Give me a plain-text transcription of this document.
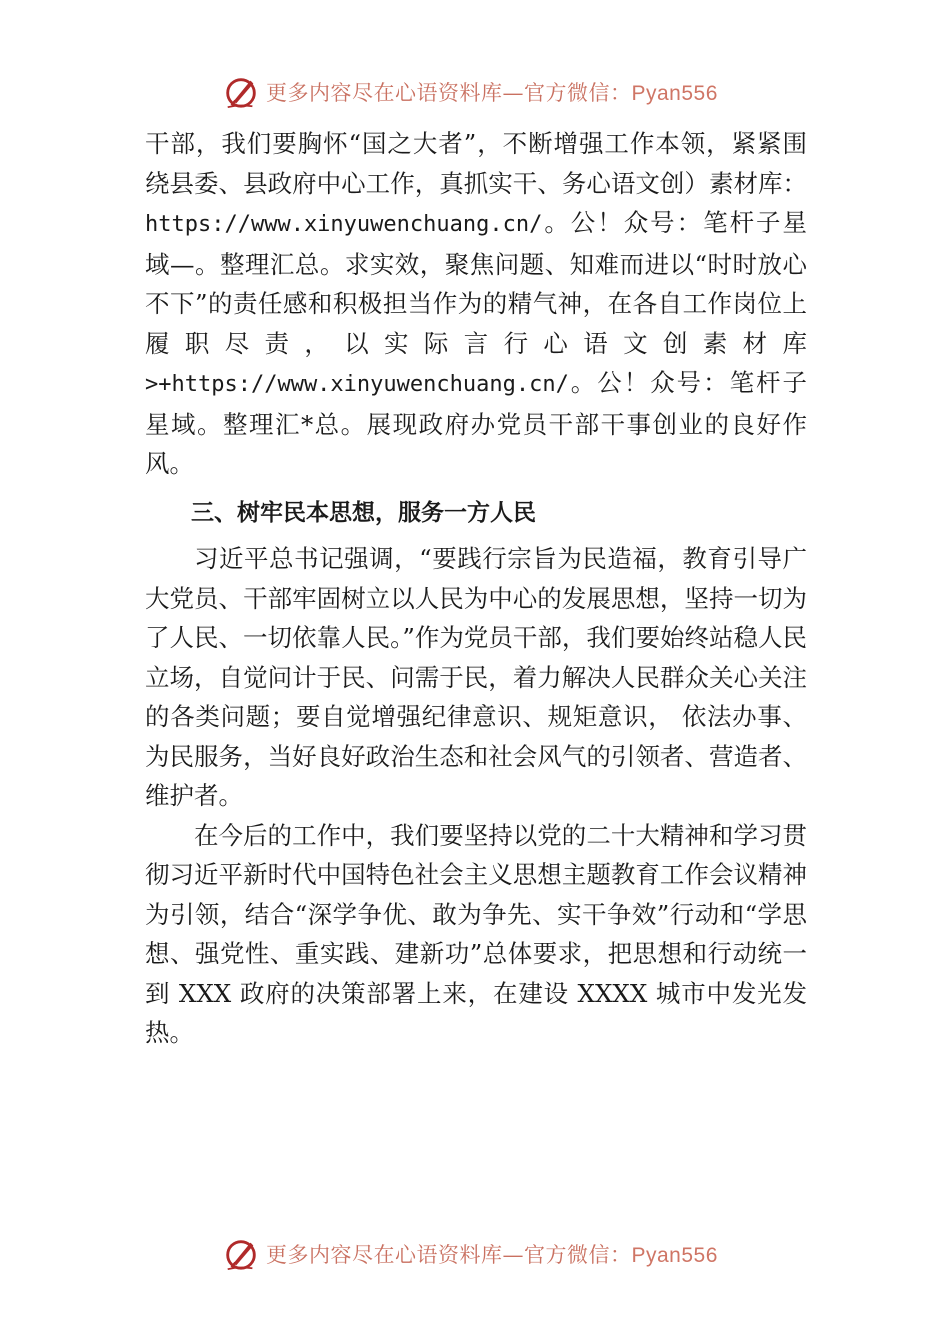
更多内容尽在心语资料库—官方微信：Pyan556

干部，我们要胸怀“国之大者”，不断增强工作本领，紧紧围绕县委、县政府中心工作，真抓实干、务心语文创）素材库：https://www.xinyuwenchuang.cn/。公！众号：笔杆子星域—。整理汇总。求实效，聚焦问题、知难而进以“时时放心不下”的责任感和积极担当作为的精气神，在各自工作岗位上履职尽责，以实际言行心语文创素材库>+https://www.xinyuwenchuang.cn/。公！众号：笔杆子星域。整理汇*总。展现政府办党员干部干事创业的良好作风。

三、树牢民本思想，服务一方人民

习近平总书记强调，“要践行宗旨为民造福，教育引导广大党员、干部牢固树立以人民为中心的发展思想，坚持一切为了人民、一切依靠人民。”作为党员干部，我们要始终站稳人民立场，自觉问计于民、问需于民，着力解决人民群众关心关注的各类问题；要自觉增强纪律意识、规矩意识， 依法办事、为民服务，当好良好政治生态和社会风气的引领者、营造者、维护者。

在今后的工作中，我们要坚持以党的二十大精神和学习贯彻习近平新时代中国特色社会主义思想主题教育工作会议精神为引领，结合“深学争优、敢为争先、实干争效”行动和“学思想、强党性、重实践、建新功”总体要求，把思想和行动统一到 XXX 政府的决策部署上来，在建设 XXXX 城市中发光发热。

更多内容尽在心语资料库—官方微信：Pyan556
